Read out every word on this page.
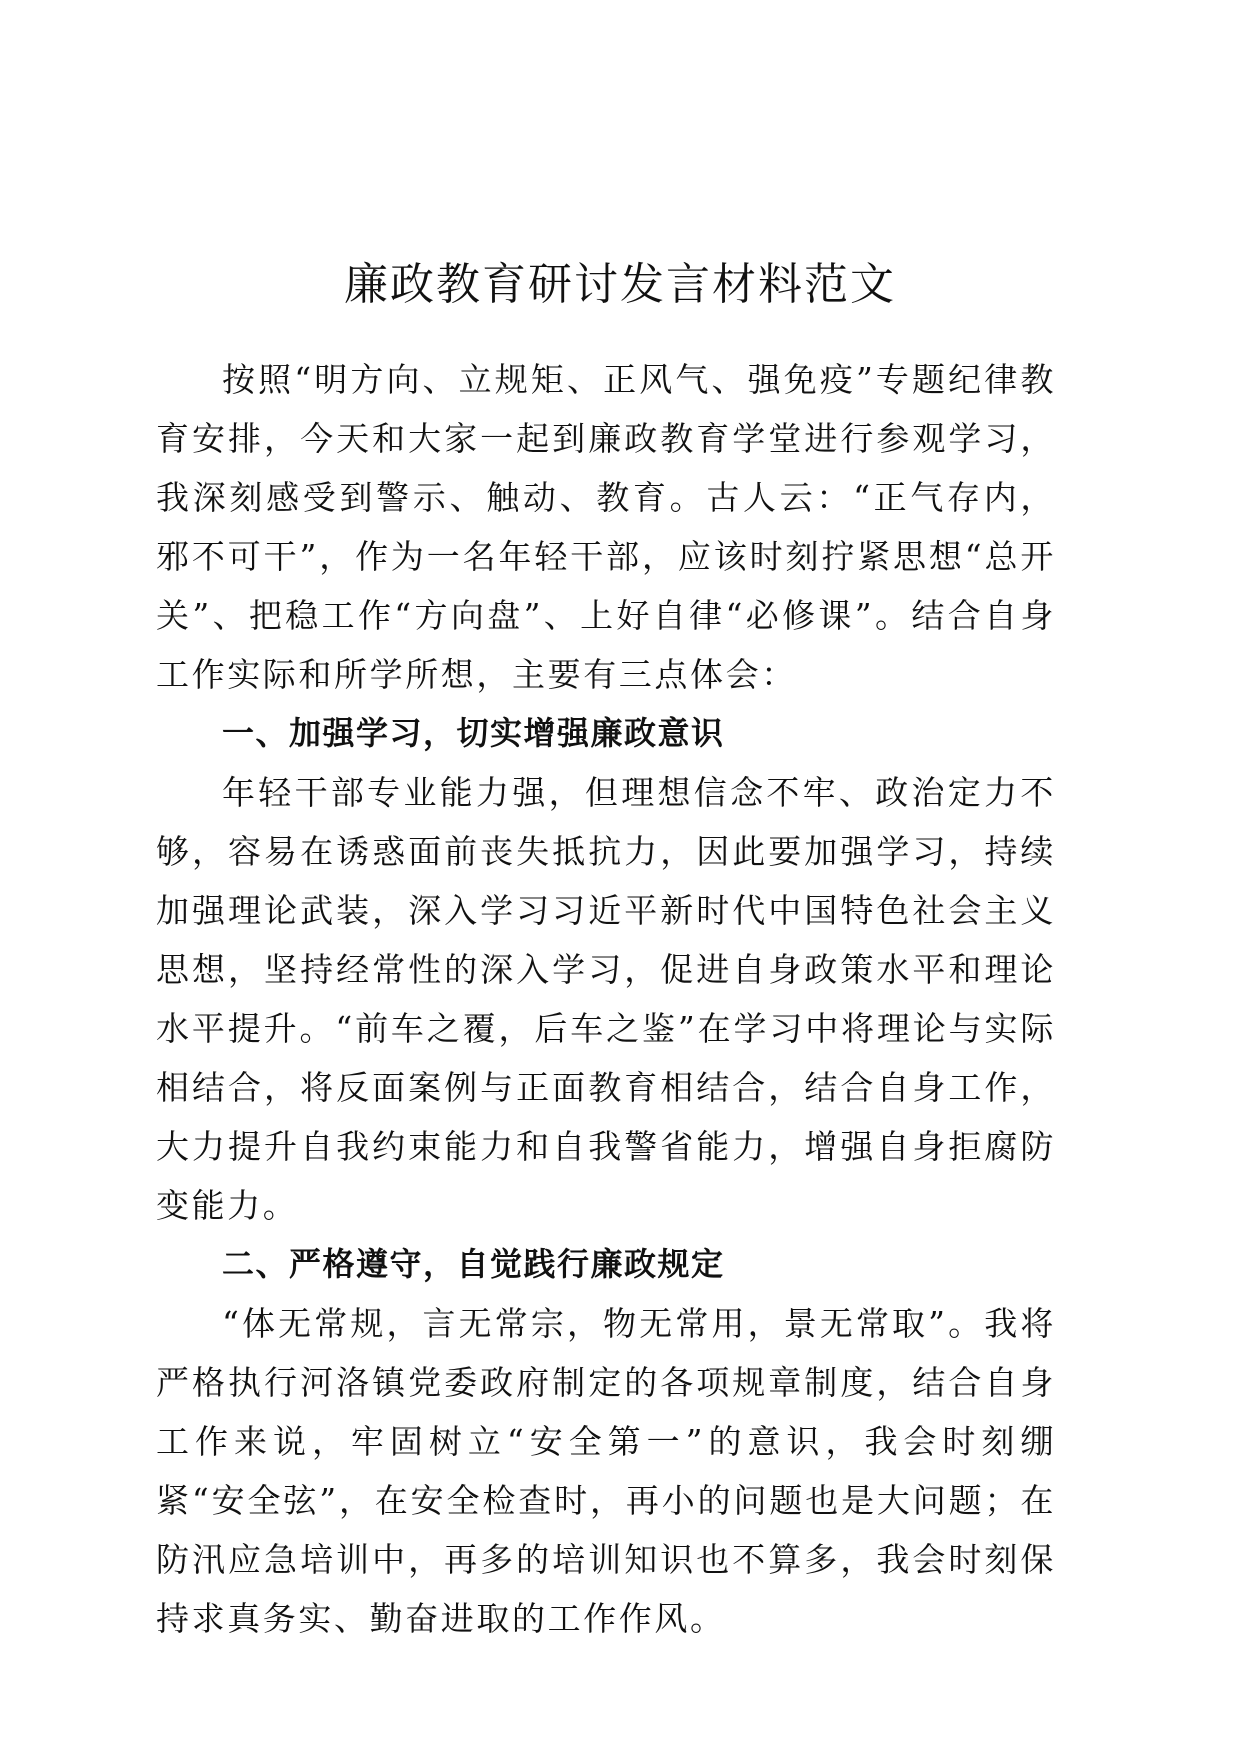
廉政教育研讨发言材料范文

按照“明方向、立规矩、正风气、强免疫”专题纪律教育安排，今天和大家一起到廉政教育学堂进行参观学习，我深刻感受到警示、触动、教育。古人云：“正气存内，邪不可干”，作为一名年轻干部，应该时刻拧紧思想“总开关”、把稳工作“方向盘”、上好自律“必修课”。结合自身工作实际和所学所想，主要有三点体会：

一、加强学习，切实增强廉政意识

年轻干部专业能力强，但理想信念不牢、政治定力不够，容易在诱惑面前丧失抵抗力，因此要加强学习，持续加强理论武装，深入学习习近平新时代中国特色社会主义思想，坚持经常性的深入学习，促进自身政策水平和理论水平提升。“前车之覆，后车之鉴”在学习中将理论与实际相结合，将反面案例与正面教育相结合，结合自身工作，大力提升自我约束能力和自我警省能力，增强自身拒腐防变能力。

二、严格遵守，自觉践行廉政规定

“体无常规，言无常宗，物无常用，景无常取”。我将严格执行河洛镇党委政府制定的各项规章制度，结合自身工作来说，牢固树立“安全第一”的意识，我会时刻绷紧“安全弦”，在安全检查时，再小的问题也是大问题；在防汛应急培训中，再多的培训知识也不算多，我会时刻保持求真务实、勤奋进取的工作作风。
